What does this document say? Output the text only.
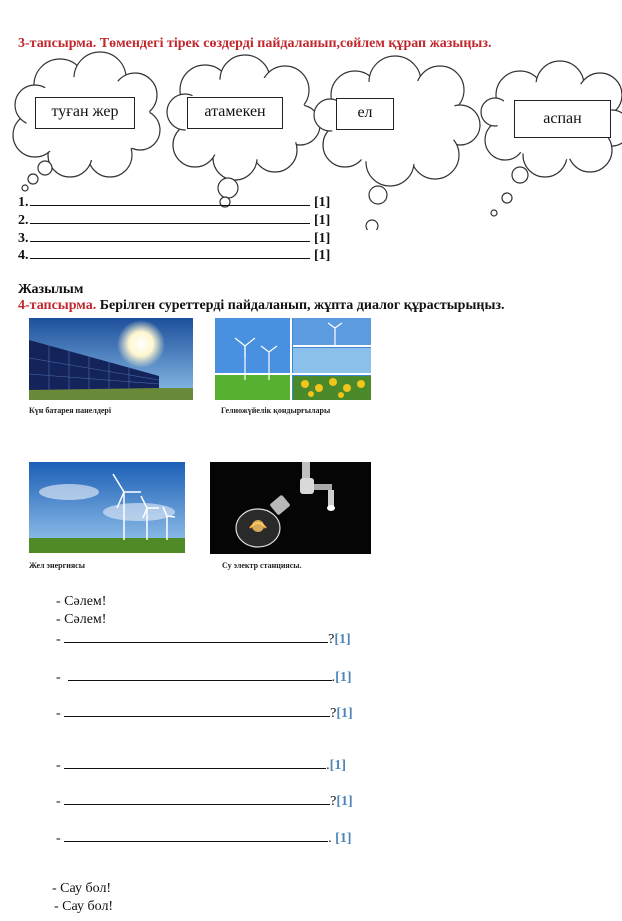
3-тапсырма. Төмендегі тірек сөздерді пайдаланып,сөйлем құрап жазыңыз.
туған жер	атамекен	ел	аспан
1.	[1]
2.	[1]
3.	[1]
4.	[1]
Жазылым
4-тапсырма. Берілген суреттерді пайдаланып, жұпта диалог құрастырыңыз.
Күн батарея панелдері	Гелиожүйелік қондырғылары
Жел энергиясы	Су электр станциясы.
- Сәлем!
- Сәлем!
-	?[1]
-	.[1]
-	?[1]
-	.[1]
-	?[1]
-	. [1]
- Сау бол!
- Сау бол!
